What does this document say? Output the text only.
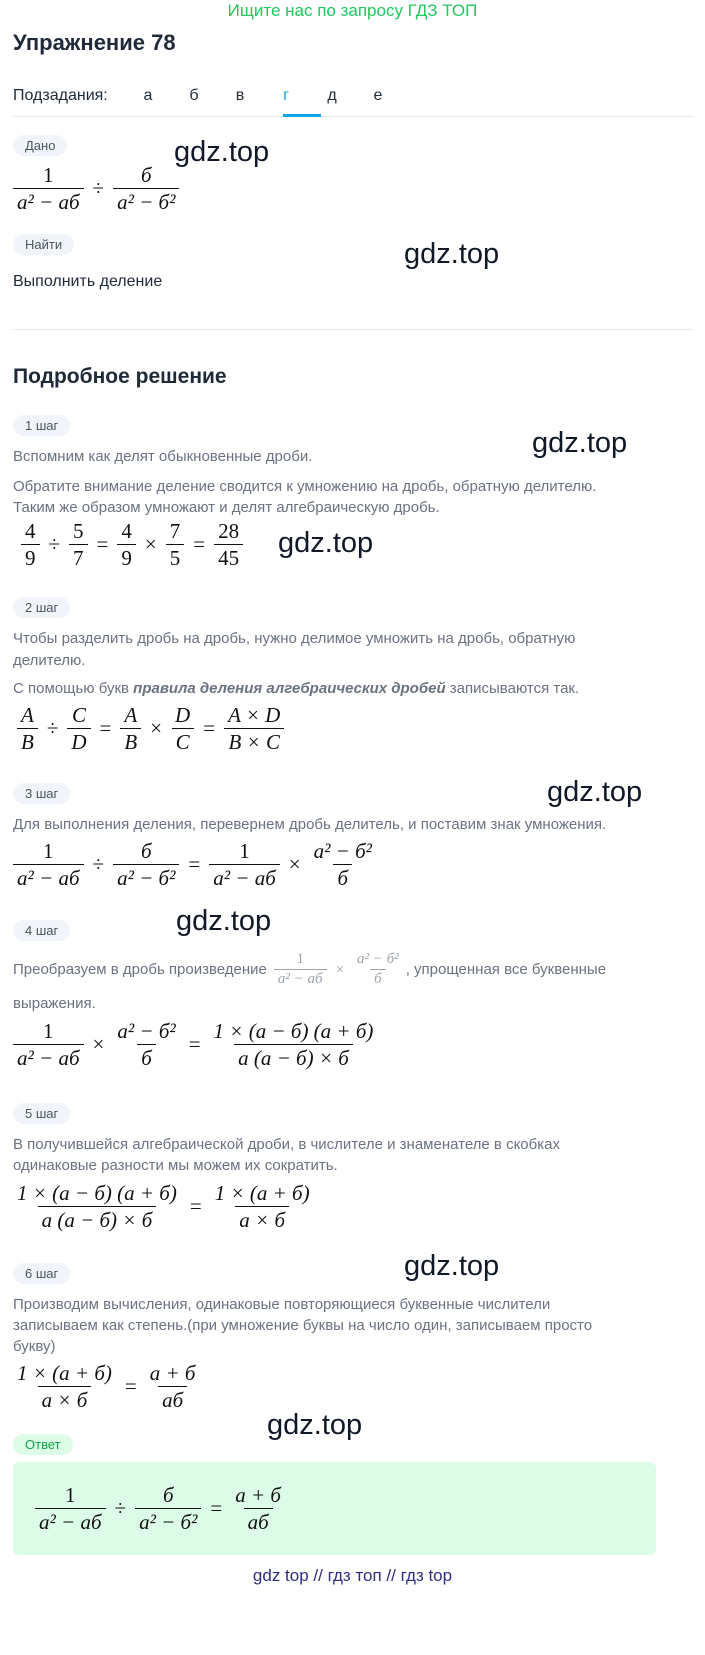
Ищите нас по запросу ГДЗ ТОП
Упражнение 78
Подзадания:	а	б	в	г	д	е
Дано	gdz.top
$\frac{1}{\text{a² − aб}} \div \frac{б}{\text{a² − б²}}$
Найти	gdz.top
Выполнить деление
Подробное решение
1 шаг
gdz.top
Вспомним как делят обыкновенные дроби.
Обратите внимание деление сводится к умножению на дробь, обратную делителю.
Таким же образом умножают и делят алгебраическую дробь.
$\frac{4}{9} \div \frac{5}{7} = \frac{4}{9} \times \frac{7}{5} = \frac{28}{45} gdz.top$
2 шаг
Чтобы разделить дробь на дробь, нужно делимое умножить на дробь, обратную делителю.
С помощью букв правила деления алгебраических дробей записываются так.
$\frac{A}{B} \div \frac{C}{D} = \frac{A}{B} \times \frac{D}{C} = \frac{A \times D}{B \times C}$
3 шаг	gdz.top
Для выполнения деления, перевернем дробь делитель, и поставим знак умножения.
$\frac{1}{\text{a² − aб}} \div \frac{б}{\text{a² − б²}} = \frac{1}{\text{a² − aб}} \times \frac{\text{a² − б²}}{б}$
4 шаг	gdz.top
Преобразуем в дробь произведение $\frac{1}{\text{a² − aб}} \times \frac{\text{a² − б²}}{б}$ , упрощенная все буквенные
выражения.
$\frac{1}{\text{a² − aб}} \times \frac{\text{a² − б²}}{б} = \frac{1 \times (a - б) (a + б)}{a (a - б) \times б}$
5 шаг
В получившейся алгебраической дроби, в числителе и знаменателе в скобках
одинаковые разности мы можем их сократить.
$\frac{1 \times (a - б) (a + б)}{a (a - б) \times б} = \frac{1 \times (a + б)}{a \times б}$
6 шаг	gdz.top
Производим вычисления, одинаковые повторяющиеся буквенные числители
записываем как степень.(при умножение буквы на число один, записываем просто
букву)
$\frac{1 \times (a + б)}{a \times б} = \frac{a + б}{aб}$
gdz.top
Ответ
$\frac{1}{\text{a² − aб}} \div \frac{б}{\text{a² − б²}} = \frac{a + б}{aб}$
gdz top // гдз топ // гдз top
